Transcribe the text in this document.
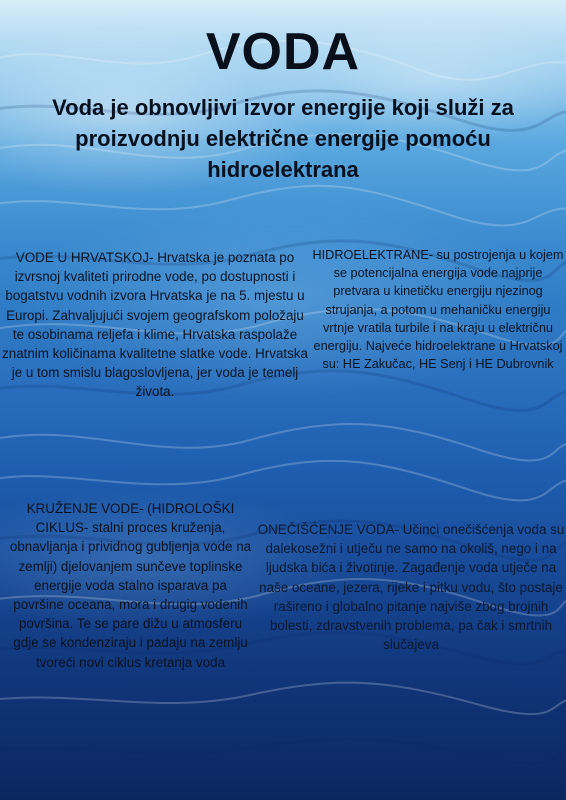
VODA
Voda je obnovljivi izvor energije koji služi za proizvodnju električne energije pomoću hidroelektrana
VODE U HRVATSKOJ- Hrvatska je poznata po izvrsnoj kvaliteti prirodne vode, po dostupnosti i bogatstvu vodnih izvora Hrvatska je na 5. mjestu u Europi. Zahvaljujući svojem geografskom položaju te osobinama reljefa i klime, Hrvatska raspolaže znatnim količinama kvalitetne slatke vode. Hrvatska je u tom smislu blagoslovljena, jer voda je temelj života.
HIDROELEKTRANE- su postrojenja u kojem se potencijalna energija vode najprije pretvara u kinetičku energiju njezinog strujanja, a potom u mehaničku energiju vrtnje vratila turbile i na kraju u električnu energiju. Najveće hidroelektrane u Hrvatskoj su: HE Zakučac, HE Senj i HE Dubrovnik
KRUŽENJE VODE- (HIDROLOŠKI CIKLUS- stalni proces kruženja, obnavljanja i prividnog gubljenja vode na zemlji) djelovanjem sunčeve toplinske energije voda stalno isparava pa površine oceana, mora i drugig vodenih površina. Te se pare dižu u atmosferu gdje se kondenziraju i padaju na zemlju tvoreći novi ciklus kretanja voda
ONEČIŠĆENJE VODA- Učinci onečišćenja voda su dalekosežni i utječu ne samo na okoliš, nego i na ljudska bića i životinje. Zagađenje voda utječe na naše oceane, jezera, rijeke i pitku vodu, što postaje rašireno i globalno pitanje najviše zbog brojnih bolesti, zdravstvenih problema, pa čak i smrtnih slučajeva
